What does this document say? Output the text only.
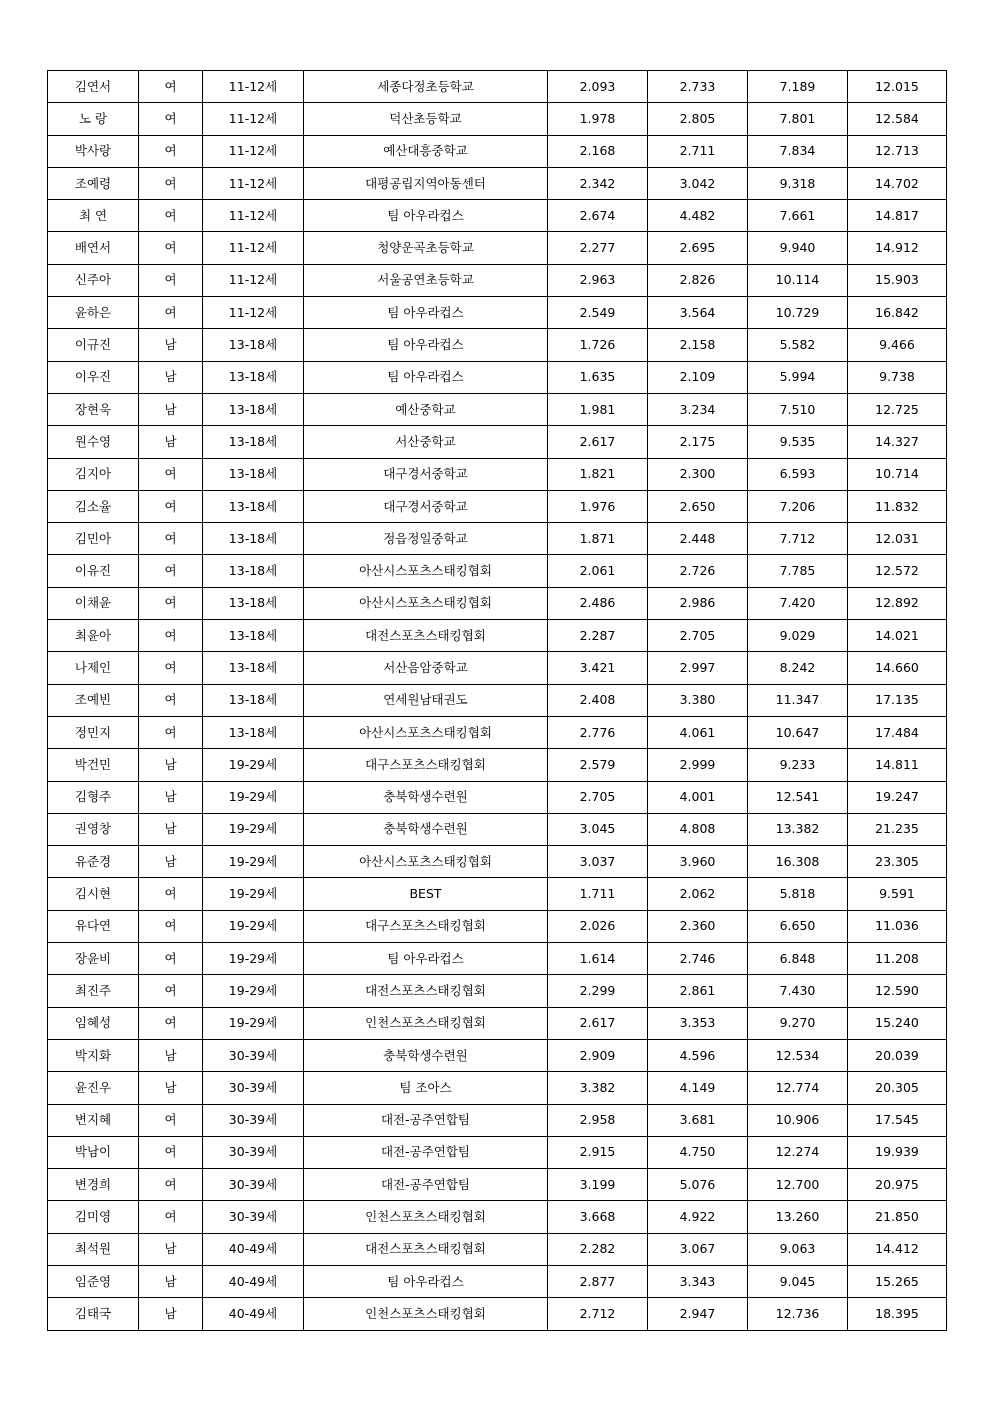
김연서	여	11-12세	세종다정초등학교	2.093	2.733	7.189	12.015
노 랑	여	11-12세	덕산초등학교	1.978	2.805	7.801	12.584
박사랑	여	11-12세	예산대흥중학교	2.168	2.711	7.834	12.713
조예령	여	11-12세	대평공립지역아동센터	2.342	3.042	9.318	14.702
최 연	여	11-12세	팀 아우라컵스	2.674	4.482	7.661	14.817
배연서	여	11-12세	청양운곡초등학교	2.277	2.695	9.940	14.912
신주아	여	11-12세	서울공연초등학교	2.963	2.826	10.114	15.903
윤하은	여	11-12세	팀 아우라컵스	2.549	3.564	10.729	16.842
이규진	남	13-18세	팀 아우라컵스	1.726	2.158	5.582	9.466
이우진	남	13-18세	팀 아우라컵스	1.635	2.109	5.994	9.738
장현욱	남	13-18세	예산중학교	1.981	3.234	7.510	12.725
원수영	남	13-18세	서산중학교	2.617	2.175	9.535	14.327
김지아	여	13-18세	대구경서중학교	1.821	2.300	6.593	10.714
김소율	여	13-18세	대구경서중학교	1.976	2.650	7.206	11.832
김민아	여	13-18세	정읍정일중학교	1.871	2.448	7.712	12.031
이유진	여	13-18세	아산시스포츠스태킹협회	2.061	2.726	7.785	12.572
이채윤	여	13-18세	아산시스포츠스태킹협회	2.486	2.986	7.420	12.892
최윤아	여	13-18세	대전스포츠스태킹협회	2.287	2.705	9.029	14.021
나제인	여	13-18세	서산음암중학교	3.421	2.997	8.242	14.660
조예빈	여	13-18세	연세원남태권도	2.408	3.380	11.347	17.135
정민지	여	13-18세	아산시스포츠스태킹협회	2.776	4.061	10.647	17.484
박건민	남	19-29세	대구스포츠스태킹협회	2.579	2.999	9.233	14.811
김형주	남	19-29세	충북학생수련원	2.705	4.001	12.541	19.247
권영창	남	19-29세	충북학생수련원	3.045	4.808	13.382	21.235
유준경	남	19-29세	아산시스포츠스태킹협회	3.037	3.960	16.308	23.305
김시현	여	19-29세	BEST	1.711	2.062	5.818	9.591
유다연	여	19-29세	대구스포츠스태킹협회	2.026	2.360	6.650	11.036
장윤비	여	19-29세	팀 아우라컵스	1.614	2.746	6.848	11.208
최진주	여	19-29세	대전스포츠스태킹협회	2.299	2.861	7.430	12.590
임혜성	여	19-29세	인천스포츠스태킹협회	2.617	3.353	9.270	15.240
박지화	남	30-39세	충북학생수련원	2.909	4.596	12.534	20.039
윤진우	남	30-39세	팀 조아스	3.382	4.149	12.774	20.305
변지혜	여	30-39세	대전-공주연합팀	2.958	3.681	10.906	17.545
박남이	여	30-39세	대전-공주연합팀	2.915	4.750	12.274	19.939
변경희	여	30-39세	대전-공주연합팀	3.199	5.076	12.700	20.975
김미영	여	30-39세	인천스포츠스태킹협회	3.668	4.922	13.260	21.850
최석원	남	40-49세	대전스포츠스태킹협회	2.282	3.067	9.063	14.412
임준영	남	40-49세	팀 아우라컵스	2.877	3.343	9.045	15.265
김태국	남	40-49세	인천스포츠스태킹협회	2.712	2.947	12.736	18.395
